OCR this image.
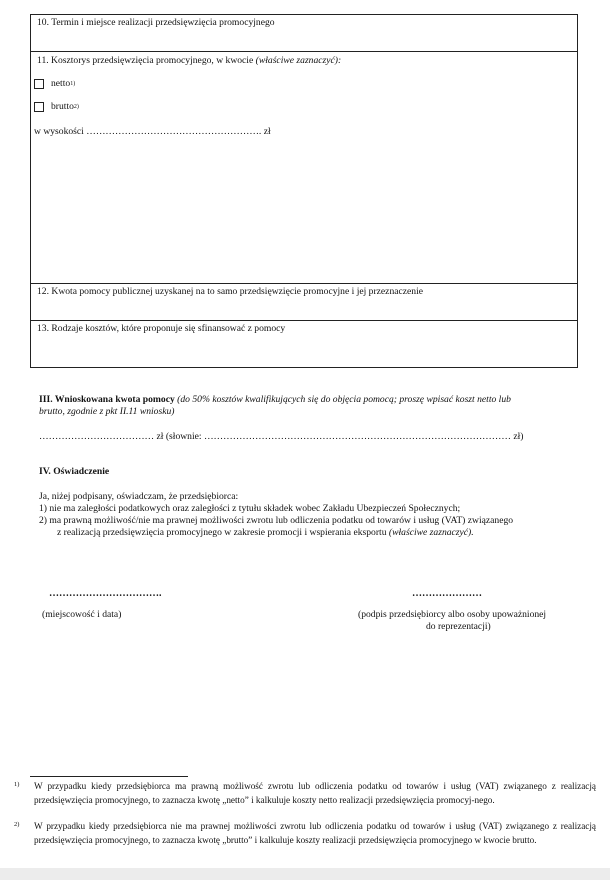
10. Termin i miejsce realizacji przedsięwzięcia promocyjnego
11. Kosztorys przedsięwzięcia promocyjnego, w kwocie (właściwe zaznaczyć):
netto 1)
brutto 2)
w wysokości ………………………………………………. zł
12. Kwota pomocy publicznej uzyskanej na to samo przedsięwzięcie promocyjne i jej przeznaczenie
13. Rodzaje kosztów, które proponuje się sfinansować z pomocy
III. Wnioskowana kwota pomocy (do 50% kosztów kwalifikujących się do objęcia pomocą; proszę wpisać koszt netto lub
brutto, zgodnie z pkt II.11 wniosku)
……………………………… zł (słownie: …………………………………………………………………………………… zł)
IV. Oświadczenie
Ja, niżej podpisany, oświadczam, że przedsiębiorca:
1) nie ma zaległości podatkowych oraz zaległości z tytułu składek wobec Zakładu Ubezpieczeń Społecznych;
2) ma prawną możliwość/nie ma prawnej możliwości zwrotu lub odliczenia podatku od towarów i usług (VAT) związanego
z realizacją przedsięwzięcia promocyjnego w zakresie promocji i wspierania eksportu (właściwe zaznaczyć).
…………………………….
(miejscowość i data)
…………………
(podpis przedsiębiorcy albo osoby upoważnionej
do reprezentacji)
1) W przypadku kiedy przedsiębiorca ma prawną możliwość zwrotu lub odliczenia podatku od towarów i usług (VAT) związanego z realizacją przedsięwzięcia promocyjnego, to zaznacza kwotę „netto” i kalkuluje koszty netto realizacji przedsięwzięcia promocyj-nego.
2) W przypadku kiedy przedsiębiorca nie ma prawnej możliwości zwrotu lub odliczenia podatku od towarów i usług (VAT) związanego z realizacją przedsięwzięcia promocyjnego, to zaznacza kwotę „brutto” i kalkuluje koszty realizacji przedsięwzięcia promocyjnego w kwocie brutto.
